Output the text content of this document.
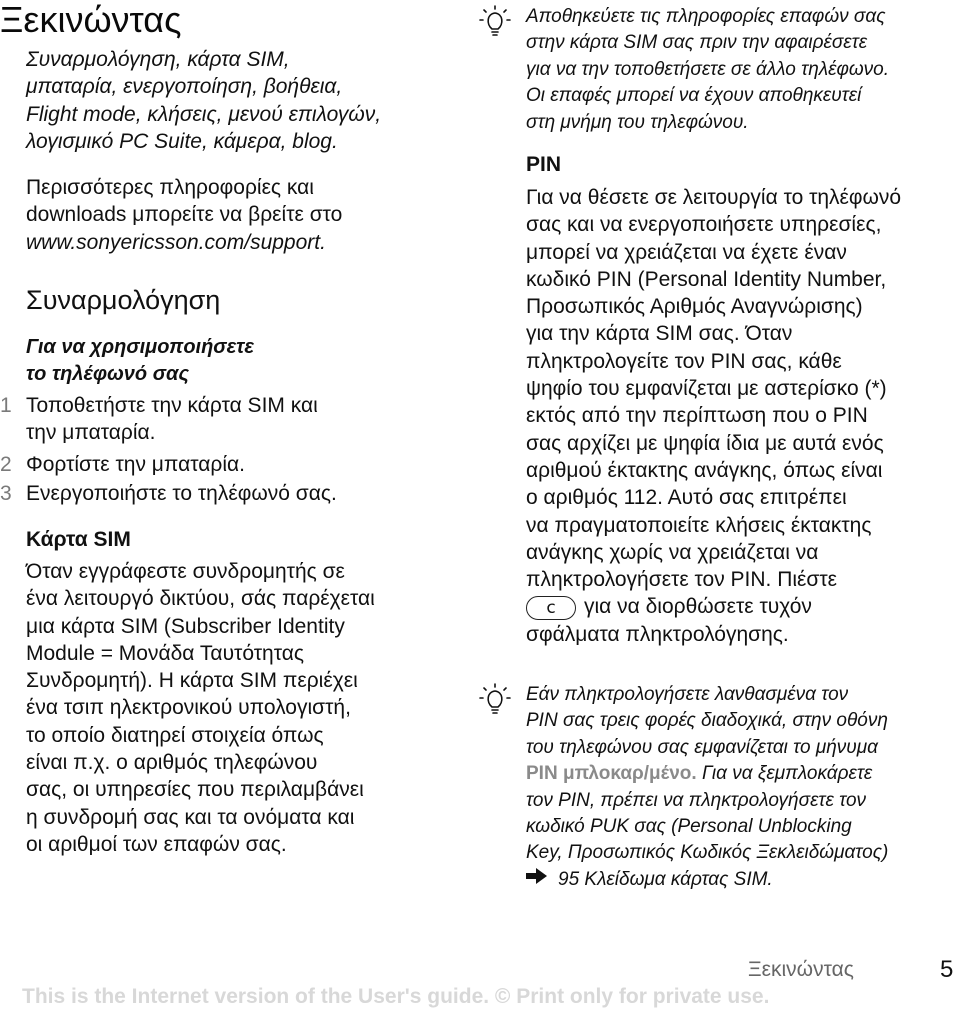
Ξεκινώντας
Συναρμολόγηση, κάρτα SIM,
μπαταρία, ενεργοποίηση, βοήθεια,
Flight mode, κλήσεις, μενού επιλογών,
λογισμικό PC Suite, κάμερα, blog.
Περισσότερες πληροφορίες και
downloads μπορείτε να βρείτε στο
www.sonyericsson.com/support.
Συναρμολόγηση
Για να χρησιμοποιήσετε
το τηλέφωνό σας
1 Τοποθετήστε την κάρτα SIM και
την μπαταρία.
2 Φορτίστε την μπαταρία.
3 Ενεργοποιήστε το τηλέφωνό σας.
Κάρτα SIM
Όταν εγγράφεστε συνδρομητής σε
ένα λειτουργό δικτύου, σάς παρέχεται
μια κάρτα SIM (Subscriber Identity
Module = Μονάδα Ταυτότητας
Συνδρομητή). Η κάρτα SIM περιέχει
ένα τσιπ ηλεκτρονικού υπολογιστή,
το οποίο διατηρεί στοιχεία όπως
είναι π.χ. ο αριθμός τηλεφώνου
σας, οι υπηρεσίες που περιλαμβάνει
η συνδρομή σας και τα ονόματα και
οι αριθμοί των επαφών σας.
Αποθηκεύετε τις πληροφορίες επαφών σας
στην κάρτα SIM σας πριν την αφαιρέσετε
για να την τοποθετήσετε σε άλλο τηλέφωνο.
Οι επαφές μπορεί να έχουν αποθηκευτεί
στη μνήμη του τηλεφώνου.
PIN
Για να θέσετε σε λειτουργία το τηλέφωνό
σας και να ενεργοποιήσετε υπηρεσίες,
μπορεί να χρειάζεται να έχετε έναν
κωδικό PIN (Personal Identity Number,
Προσωπικός Αριθμός Αναγνώρισης)
για την κάρτα SIM σας. Όταν
πληκτρολογείτε τον PIN σας, κάθε
ψηφίο του εμφανίζεται με αστερίσκο (*)
εκτός από την περίπτωση που ο PIN
σας αρχίζει με ψηφία ίδια με αυτά ενός
αριθμού έκτακτης ανάγκης, όπως είναι
ο αριθμός 112. Αυτό σας επιτρέπει
να πραγματοποιείτε κλήσεις έκτακτης
ανάγκης χωρίς να χρειάζεται να
πληκτρολογήσετε τον PIN. Πιέστε
c για να διορθώσετε τυχόν
σφάλματα πληκτρολόγησης.
Εάν πληκτρολογήσετε λανθασμένα τον
PIN σας τρεις φορές διαδοχικά, στην οθόνη
του τηλεφώνου σας εμφανίζεται το μήνυμα
PIN μπλοκαρ/μένο. Για να ξεμπλοκάρετε
τον PIN, πρέπει να πληκτρολογήσετε τον
κωδικό PUK σας (Personal Unblocking
Key, Προσωπικός Κωδικός Ξεκλειδώματος)
95 Κλείδωμα κάρτας SIM.
Ξεκινώντας	5
This is the Internet version of the User's guide. © Print only for private use.
